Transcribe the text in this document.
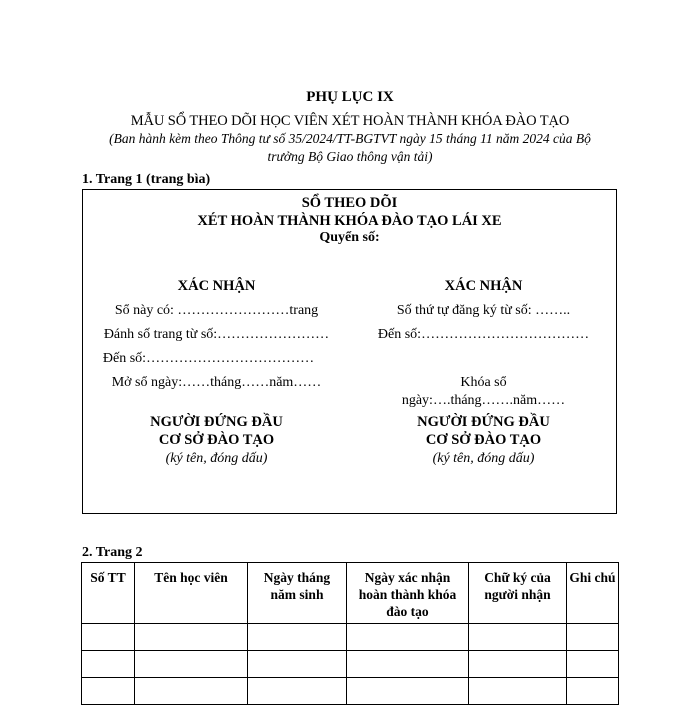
PHỤ LỤC IX
MẪU SỔ THEO DÕI HỌC VIÊN XÉT HOÀN THÀNH KHÓA ĐÀO TẠO
(Ban hành kèm theo Thông tư số 35/2024/TT-BGTVT ngày 15 tháng 11 năm 2024 của Bộ
trưởng Bộ Giao thông vận tải)
1. Trang 1 (trang bìa)
SỔ THEO DÕI
XÉT HOÀN THÀNH KHÓA ĐÀO TẠO LÁI XE
Quyển số:
XÁC NHẬN
Sổ này có: ……………………trang
Đánh số trang từ số:……………………
Đến số:………………………………
Mở sổ ngày:……tháng……năm……
NGƯỜI ĐỨNG ĐẦU
CƠ SỞ ĐÀO TẠO
(ký tên, đóng dấu)
XÁC NHẬN
Số thứ tự đăng ký từ số: ……..
Đến số:………………………………
Khóa sổ
ngày:….tháng…….năm……
NGƯỜI ĐỨNG ĐẦU
CƠ SỞ ĐÀO TẠO
(ký tên, đóng dấu)
2. Trang 2
Số TT	Tên học viên	Ngày tháng năm sinh	Ngày xác nhận hoàn thành khóa đào tạo	Chữ ký của người nhận	Ghi chú
